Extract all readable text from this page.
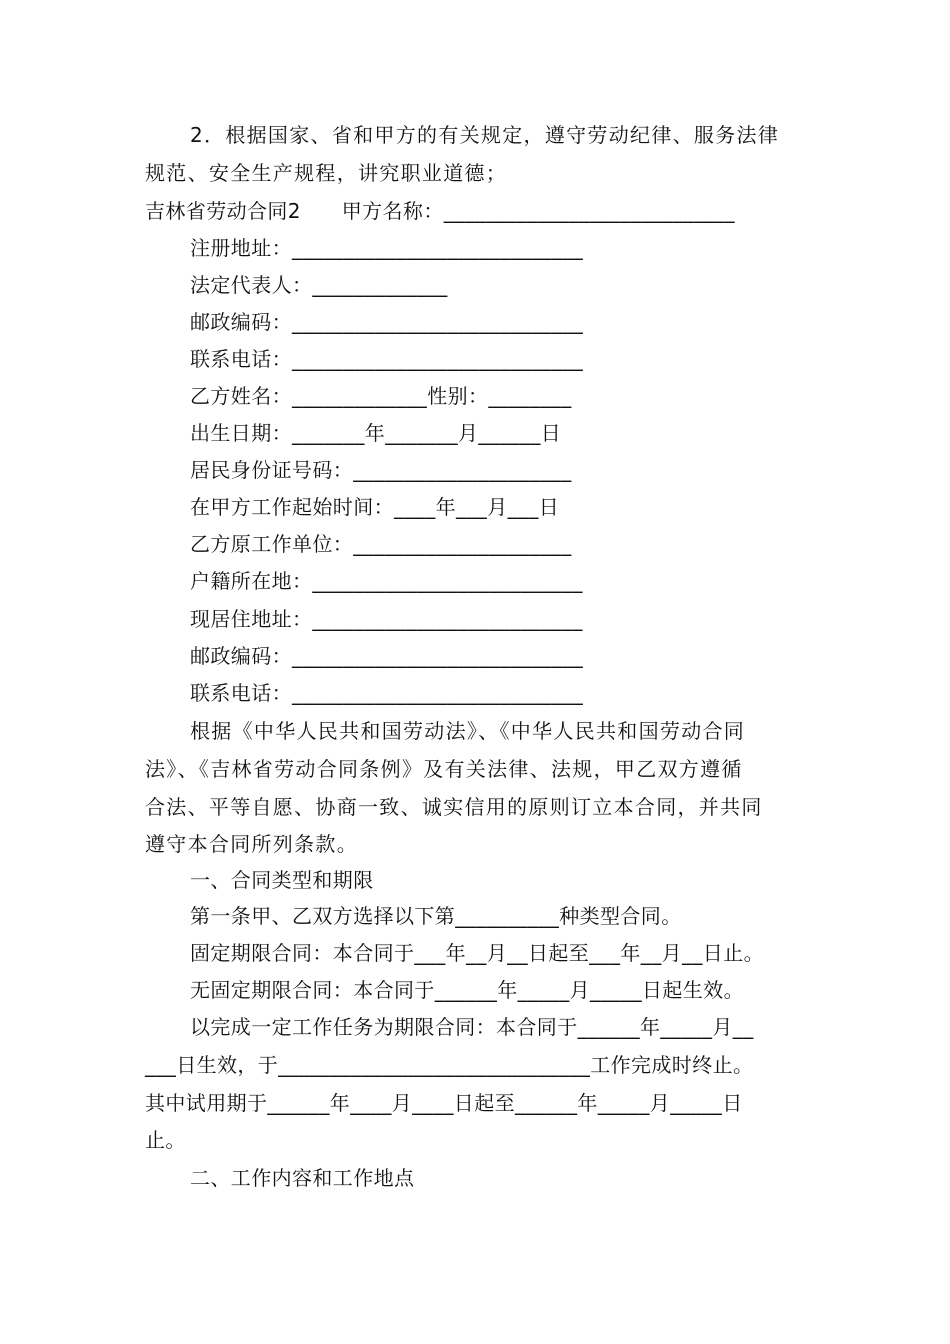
2．根据国家、省和甲方的有关规定，遵守劳动纪律、服务法律
规范、安全生产规程，讲究职业道德；
吉林省劳动合同2　　甲方名称：____________________________
注册地址：____________________________
法定代表人：_____________
邮政编码：____________________________
联系电话：____________________________
乙方姓名：_____________性别：________
出生日期：_______年_______月______日
居民身份证号码：_____________________
在甲方工作起始时间：____年___月___日
乙方原工作单位：_____________________
户籍所在地：__________________________
现居住地址：__________________________
邮政编码：____________________________
联系电话：____________________________
根据《中华人民共和国劳动法》、《中华人民共和国劳动合同
法》、《吉林省劳动合同条例》及有关法律、法规，甲乙双方遵循
合法、平等自愿、协商一致、诚实信用的原则订立本合同，并共同
遵守本合同所列条款。
一、合同类型和期限
第一条甲、乙双方选择以下第__________种类型合同。
固定期限合同：本合同于___年__月__日起至___年__月__日止。
无固定期限合同：本合同于______年_____月_____日起生效。
以完成一定工作任务为期限合同：本合同于______年_____月__
___日生效，于______________________________工作完成时终止。
其中试用期于______年____月____日起至______年_____月_____日
止。
二、工作内容和工作地点
